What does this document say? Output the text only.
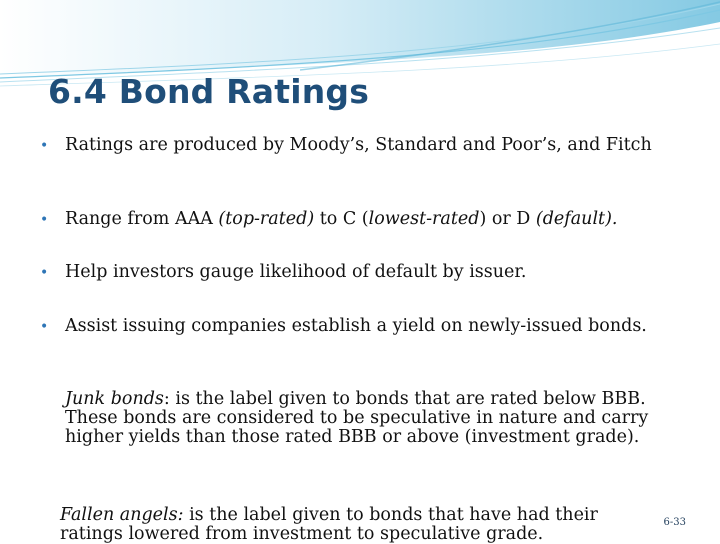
6.4 Bond Ratings
• Ratings are produced by Moody’s, Standard and Poor’s, and Fitch
• Range from AAA (top-rated) to C (lowest-rated) or D (default).
• Help investors gauge likelihood of default by issuer.
• Assist issuing companies establish a yield on newly-issued bonds.
Junk bonds: is the label given to bonds that are rated below BBB. These bonds are considered to be speculative in nature and carry higher yields than those rated BBB or above (investment grade).
Fallen angels: is the label given to bonds that have had their ratings lowered from investment to speculative grade.
6-33
